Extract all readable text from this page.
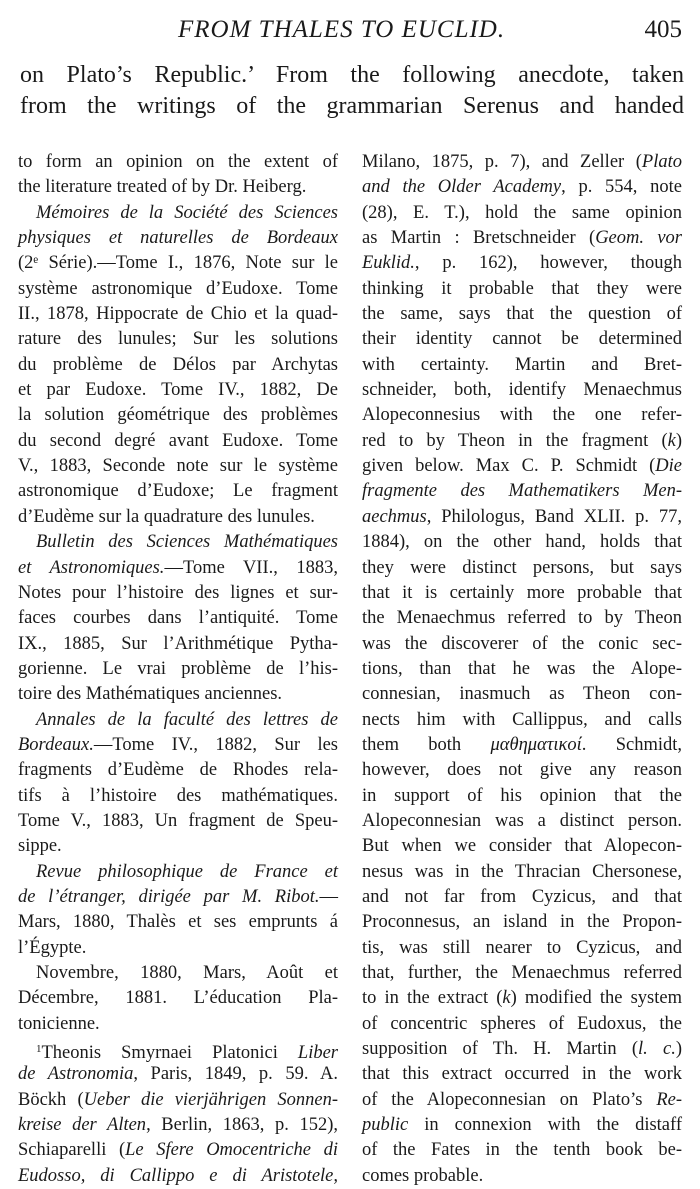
FROM THALES TO EUCLID.	405
on Plato’s Republic.’ From the following anecdote, taken
from the writings of the grammarian Serenus and handed
to form an opinion on the extent of
the literature treated of by Dr. Heiberg.
Mémoires de la Société des Sciences
physiques et naturelles de Bordeaux
(2ᵉ Série).—Tome I., 1876, Note sur le
système astronomique d’Eudoxe. Tome
II., 1878, Hippocrate de Chio et la quad-
rature des lunules; Sur les solutions
du problème de Délos par Archytas
et par Eudoxe. Tome IV., 1882, De
la solution géométrique des problèmes
du second degré avant Eudoxe. Tome
V., 1883, Seconde note sur le système
astronomique d’Eudoxe; Le fragment
d’Eudème sur la quadrature des lunules.
Bulletin des Sciences Mathématiques
et Astronomiques.—Tome VII., 1883,
Notes pour l’histoire des lignes et sur-
faces courbes dans l’antiquité. Tome
IX., 1885, Sur l’Arithmétique Pytha-
gorienne. Le vrai problème de l’his-
toire des Mathématiques anciennes.
Annales de la faculté des lettres de
Bordeaux.—Tome IV., 1882, Sur les
fragments d’Eudème de Rhodes rela-
tifs à l’histoire des mathématiques.
Tome V., 1883, Un fragment de Speu-
sippe.
Revue philosophique de France et
de l’étranger, dirigée par M. Ribot.—
Mars, 1880, Thalès et ses emprunts á
l’Égypte.
Novembre, 1880, Mars, Août et
Décembre, 1881. L’éducation Pla-
tonicienne.
$^1$Theonis Smyrnaei Platonici Liber
de Astronomia, Paris, 1849, p. 59. A.
Böckh (Ueber die vierjährigen Sonnen-
kreise der Alten, Berlin, 1863, p. 152),
Schiaparelli (Le Sfere Omocentriche di
Eudosso, di Callippo e di Aristotele,
Milano, 1875, p. 7), and Zeller (Plato
and the Older Academy, p. 554, note
(28), E. T.), hold the same opinion
as Martin : Bretschneider (Geom. vor
Euklid., p. 162), however, though
thinking it probable that they were
the same, says that the question of
their identity cannot be determined
with certainty. Martin and Bret-
schneider, both, identify Menaechmus
Alopeconnesius with the one refer-
red to by Theon in the fragment (k)
given below. Max C. P. Schmidt (Die
fragmente des Mathematikers Men-
aechmus, Philologus, Band XLII. p. 77,
1884), on the other hand, holds that
they were distinct persons, but says
that it is certainly more probable that
the Menaechmus referred to by Theon
was the discoverer of the conic sec-
tions, than that he was the Alope-
connesian, inasmuch as Theon con-
nects him with Callippus, and calls
them both μαθηματικοί. Schmidt,
however, does not give any reason
in support of his opinion that the
Alopeconnesian was a distinct person.
But when we consider that Alopecon-
nesus was in the Thracian Chersonese,
and not far from Cyzicus, and that
Proconnesus, an island in the Propon-
tis, was still nearer to Cyzicus, and
that, further, the Menaechmus referred
to in the extract (k) modified the system
of concentric spheres of Eudoxus, the
supposition of Th. H. Martin (l. c.)
that this extract occurred in the work
of the Alopeconnesian on Plato’s Re-
public in connexion with the distaff
of the Fates in the tenth book be-
comes probable.
